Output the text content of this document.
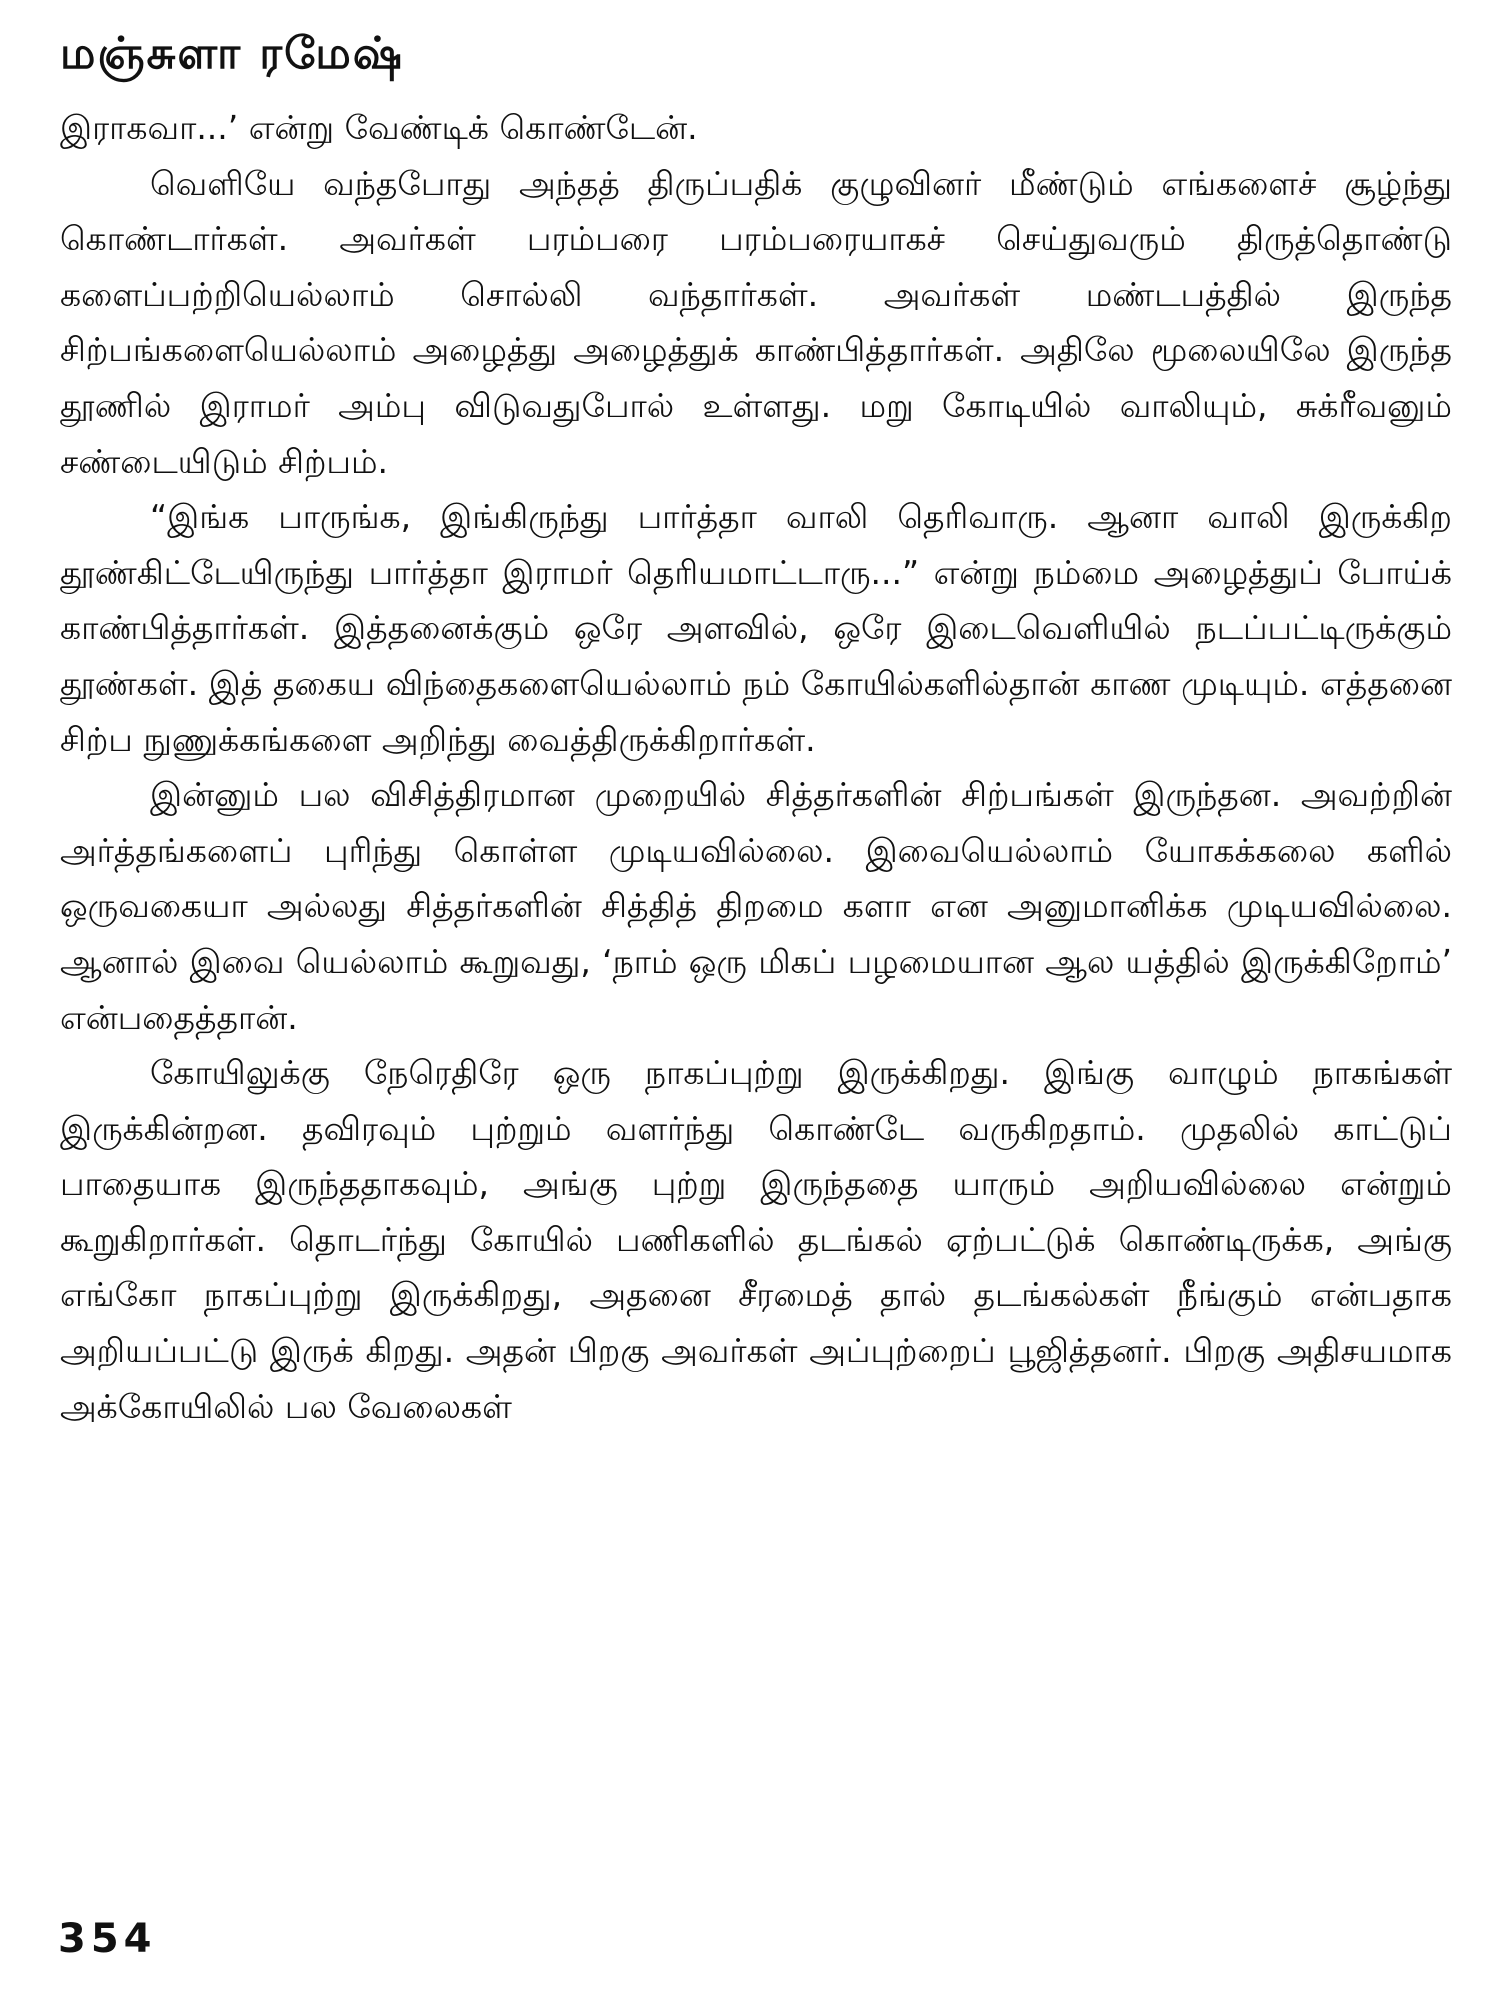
மஞ்சுளா ரமேஷ்

இராகவா...’ என்று வேண்டிக் கொண்டேன்.

வெளியே வந்தபோது அந்தத் திருப்பதிக் குழுவினர் மீண்டும் எங்களைச் சூழ்ந்து கொண்டார்கள். அவர்கள் பரம்பரை பரம்பரையாகச் செய்துவரும் திருத்தொண்டு களைப்பற்றியெல்லாம் சொல்லி வந்தார்கள். அவர்கள் மண்டபத்தில் இருந்த சிற்பங்களையெல்லாம் அழைத்து அழைத்துக் காண்பித்தார்கள். அதிலே மூலையிலே இருந்த தூணில் இராமர் அம்பு விடுவதுபோல் உள்ளது. மறு கோடியில் வாலியும், சுக்ரீவனும் சண்டையிடும் சிற்பம்.

“இங்க பாருங்க, இங்கிருந்து பார்த்தா வாலி தெரிவாரு. ஆனா வாலி இருக்கிற தூண்கிட்டேயிருந்து பார்த்தா இராமர் தெரியமாட்டாரு...” என்று நம்மை அழைத்துப் போய்க் காண்பித்தார்கள். இத்தனைக்கும் ஒரே அளவில், ஒரே இடைவெளியில் நடப்பட்டிருக்கும் தூண்கள். இத் தகைய விந்தைகளையெல்லாம் நம் கோயில்களில்தான் காண முடியும். எத்தனை சிற்ப நுணுக்கங்களை அறிந்து வைத்திருக்கிறார்கள்.

இன்னும் பல விசித்திரமான முறையில் சித்தர்களின் சிற்பங்கள் இருந்தன. அவற்றின் அர்த்தங்களைப் புரிந்து கொள்ள முடியவில்லை. இவையெல்லாம் யோகக்கலை களில் ஒருவகையா அல்லது சித்தர்களின் சித்தித் திறமை களா என அனுமானிக்க முடியவில்லை. ஆனால் இவை யெல்லாம் கூறுவது, ‘நாம் ஒரு மிகப் பழமையான ஆல யத்தில் இருக்கிறோம்’ என்பதைத்தான்.

கோயிலுக்கு நேரெதிரே ஒரு நாகப்புற்று இருக்கிறது. இங்கு வாழும் நாகங்கள் இருக்கின்றன. தவிரவும் புற்றும் வளர்ந்து கொண்டே வருகிறதாம். முதலில் காட்டுப் பாதையாக இருந்ததாகவும், அங்கு புற்று இருந்ததை யாரும் அறியவில்லை என்றும் கூறுகிறார்கள். தொடர்ந்து கோயில் பணிகளில் தடங்கல் ஏற்பட்டுக் கொண்டிருக்க, அங்கு எங்கோ நாகப்புற்று இருக்கிறது, அதனை சீரமைத் தால் தடங்கல்கள் நீங்கும் என்பதாக அறியப்பட்டு இருக் கிறது. அதன் பிறகு அவர்கள் அப்புற்றைப் பூஜித்தனர். பிறகு அதிசயமாக அக்கோயிலில் பல வேலைகள்

354
